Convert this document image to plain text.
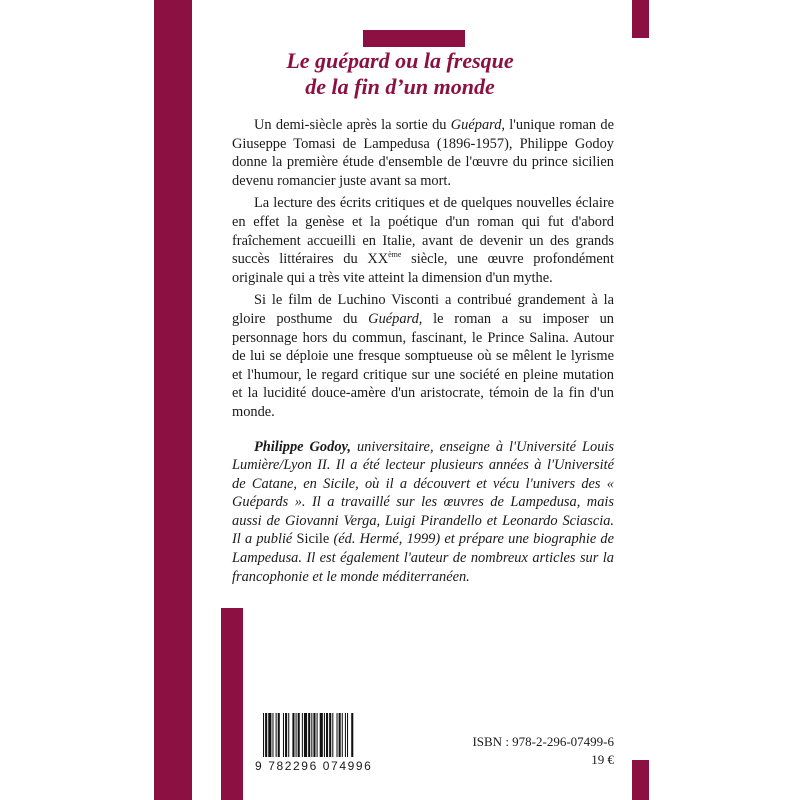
Le guépard ou la fresque
de la fin d’un monde

Un demi-siècle après la sortie du Guépard, l'unique roman de Giuseppe Tomasi de Lampedusa (1896-1957), Philippe Godoy donne la première étude d'ensemble de l'œuvre du prince sicilien devenu romancier juste avant sa mort.

La lecture des écrits critiques et de quelques nouvelles éclaire en effet la genèse et la poétique d'un roman qui fut d'abord fraîchement accueilli en Italie, avant de devenir un des grands succès littéraires du XXème siècle, une œuvre profondément originale qui a très vite atteint la dimension d'un mythe.

Si le film de Luchino Visconti a contribué grandement à la gloire posthume du Guépard, le roman a su imposer un personnage hors du commun, fascinant, le Prince Salina. Autour de lui se déploie une fresque somptueuse où se mêlent le lyrisme et l'humour, le regard critique sur une société en pleine mutation et la lucidité douce-amère d'un aristocrate, témoin de la fin d'un monde.

Philippe Godoy, universitaire, enseigne à l'Université Louis Lumière/Lyon II. Il a été lecteur plusieurs années à l'Université de Catane, en Sicile, où il a découvert et vécu l'univers des « Guépards ». Il a travaillé sur les œuvres de Lampedusa, mais aussi de Giovanni Verga, Luigi Pirandello et Leonardo Sciascia. Il a publié Sicile (éd. Hermé, 1999) et prépare une biographie de Lampedusa. Il est également l'auteur de nombreux articles sur la francophonie et le monde méditerranéen.

9 782296 074996
ISBN : 978-2-296-07499-6
19 €
